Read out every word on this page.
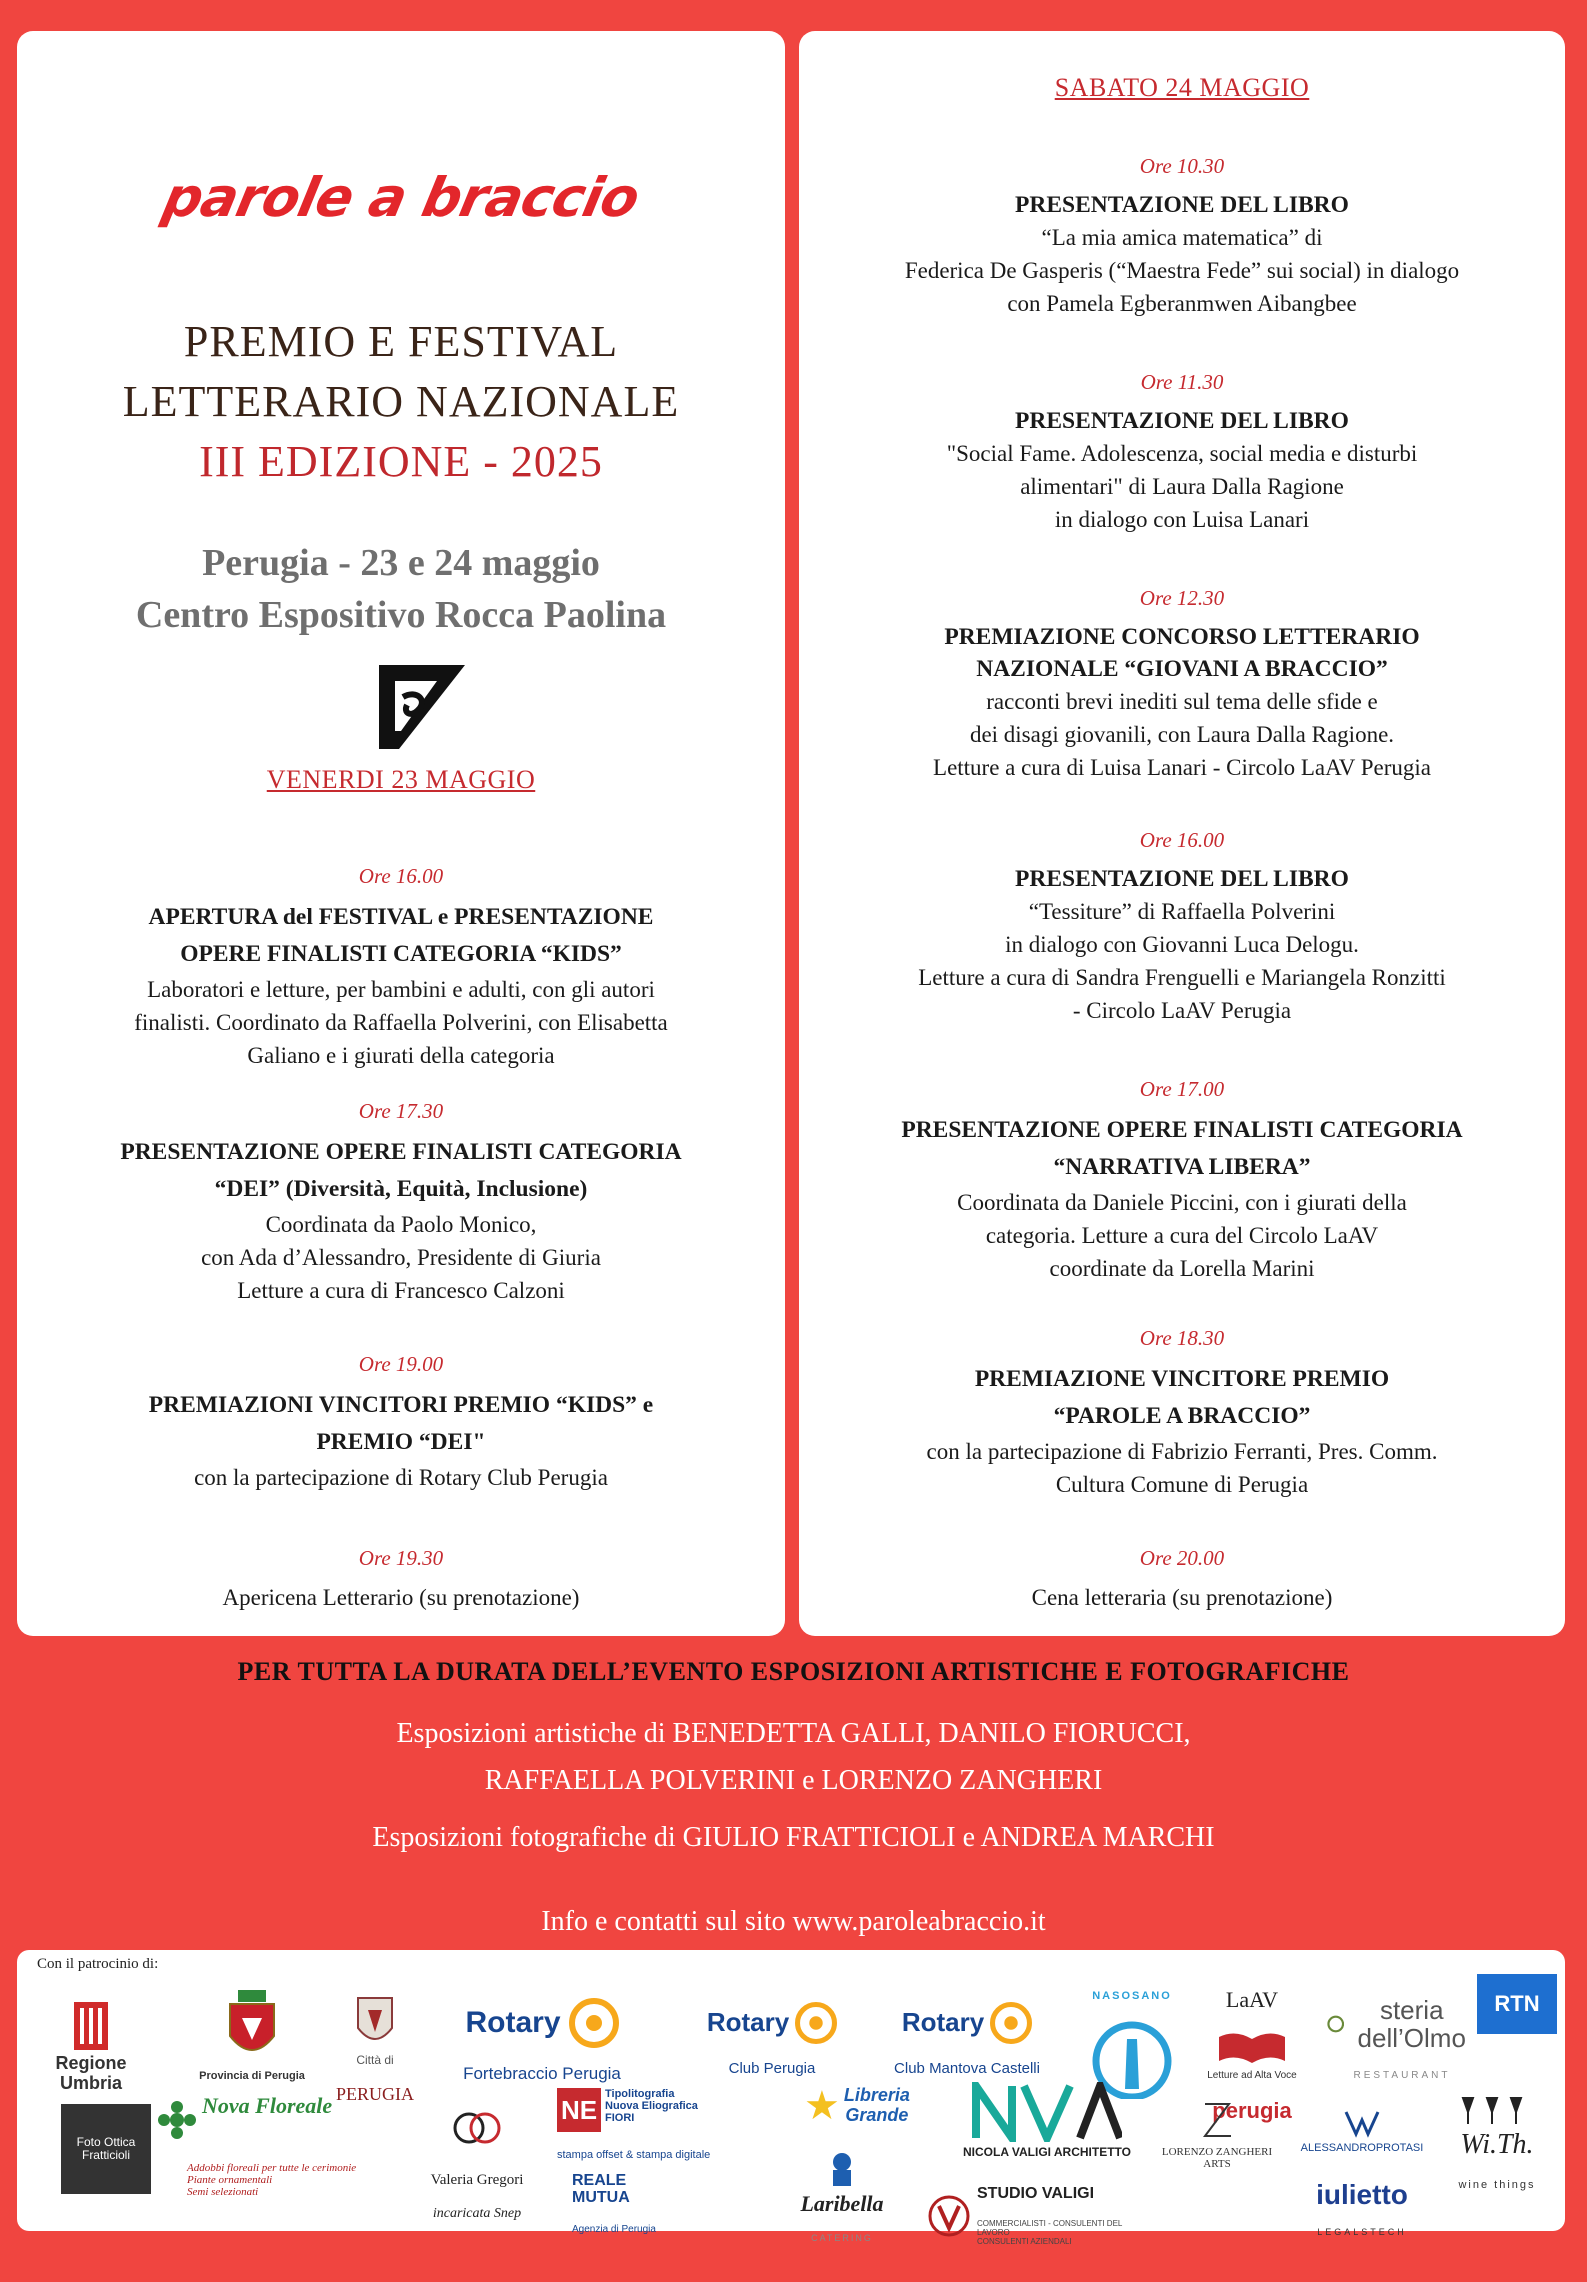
parole a braccio
PREMIO E FESTIVAL
LETTERARIO NAZIONALE
III EDIZIONE - 2025
Perugia - 23 e 24 maggio
Centro Espositivo Rocca Paolina
VENERDI 23 MAGGIO
Ore 16.00
APERTURA del FESTIVAL e PRESENTAZIONE
OPERE FINALISTI CATEGORIA “KIDS”
Laboratori e letture, per bambini e adulti, con gli autori
finalisti. Coordinato da Raffaella Polverini, con Elisabetta
Galiano e i giurati della categoria
Ore 17.30
PRESENTAZIONE OPERE FINALISTI CATEGORIA
“DEI” (Diversità, Equità, Inclusione)
Coordinata da Paolo Monico,
con Ada d’Alessandro, Presidente di Giuria
Letture a cura di Francesco Calzoni
Ore 19.00
PREMIAZIONI VINCITORI PREMIO “KIDS” e
PREMIO “DEI"
con la partecipazione di Rotary Club Perugia
Ore 19.30
Apericena Letterario (su prenotazione)
SABATO 24 MAGGIO
Ore 10.30
PRESENTAZIONE DEL LIBRO
“La mia amica matematica” di
Federica De Gasperis (“Maestra Fede” sui social) in dialogo
con Pamela Egberanmwen Aibangbee
Ore 11.30
PRESENTAZIONE DEL LIBRO
"Social Fame. Adolescenza, social media e disturbi
alimentari" di Laura Dalla Ragione
in dialogo con Luisa Lanari
Ore 12.30
PREMIAZIONE CONCORSO LETTERARIO
NAZIONALE “GIOVANI A BRACCIO”
racconti brevi inediti sul tema delle sfide e
dei disagi giovanili, con Laura Dalla Ragione.
Letture a cura di Luisa Lanari - Circolo LaAV Perugia
Ore 16.00
PRESENTAZIONE DEL LIBRO
“Tessiture” di Raffaella Polverini
in dialogo con Giovanni Luca Delogu.
Letture a cura di Sandra Frenguelli e Mariangela Ronzitti
- Circolo LaAV Perugia
Ore 17.00
PRESENTAZIONE OPERE FINALISTI CATEGORIA
“NARRATIVA LIBERA”
Coordinata da Daniele Piccini, con i giurati della
categoria. Letture a cura del Circolo LaAV
coordinate da Lorella Marini
Ore 18.30
PREMIAZIONE VINCITORE PREMIO
“PAROLE A BRACCIO”
con la partecipazione di Fabrizio Ferranti, Pres. Comm.
Cultura Comune di Perugia
Ore 20.00
Cena letteraria (su prenotazione)
PER TUTTA LA DURATA DELL’EVENTO ESPOSIZIONI ARTISTICHE E FOTOGRAFICHE
Esposizioni artistiche di BENEDETTA GALLI, DANILO FIORUCCI,
RAFFAELLA POLVERINI e LORENZO ZANGHERI
Esposizioni fotografiche di GIULIO FRATTICIOLI e ANDREA MARCHI
Info e contatti sul sito www.paroleabraccio.it
Con il patrocinio di:

Regione Umbria	Provincia di Perugia

Città di

PERUGIA

Rotary

Fortebraccio Perugia

Rotary

Club Perugia

Rotary

Club Mantova Castelli

NASOSANO	LaAV

Letture ad Alta Voce

perugia

steria dell’Olmo

RESTAURANT

RTN
Foto Ottica
Fratticioli

Nova Floreale

Addobbi floreali per tutte le cerimonie
Piante ornamentali
Semi selezionati

Valeria Gregori

incaricata Snep

NE
Tipolitografia
Nuova Eliografica
FIORI

stampa offset & stampa digitale

REALE
MUTUA

Agenzia di Perugia

★ Libreria
Grande

Laribella

CATERING

NICOLA VALIGI ARCHITETTO

STUDIO VALIGI

COMMERCIALISTI - CONSULENTI DEL LAVORO
CONSULENTI AZIENDALI

LORENZO ZANGHERI
ARTS

ALESSANDROPROTASI

iulietto

LEGALSTECH

Wi.Th.

wine things
